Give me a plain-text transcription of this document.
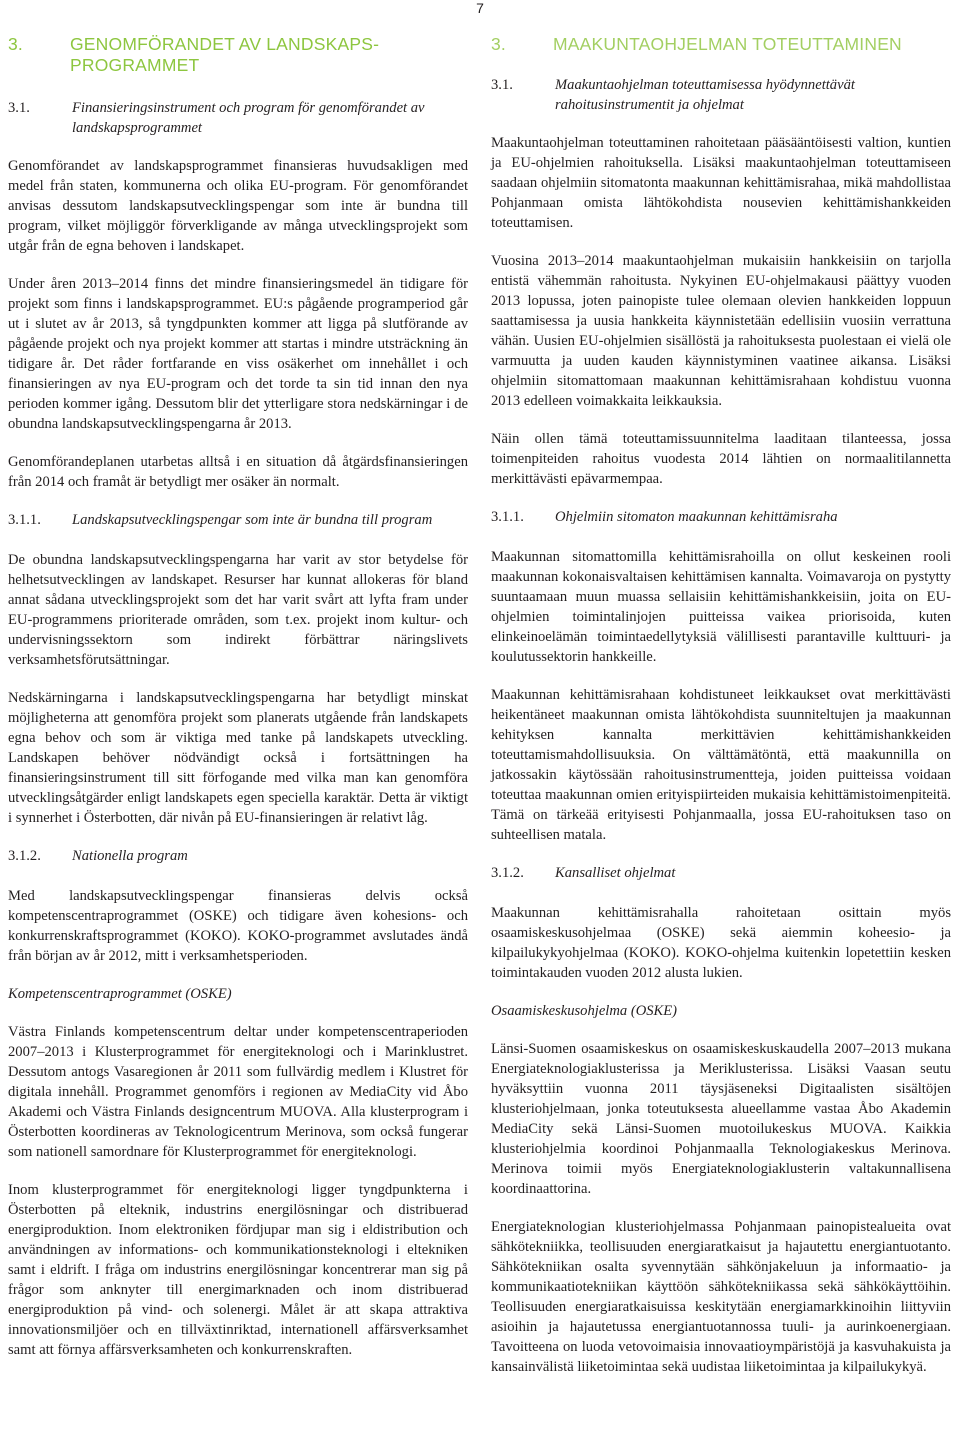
7
3.	GENOMFÖRANDET AV LANDSKAPS-PROGRAMMET
3.1.	Finansieringsinstrument och program för genomförandet av landskapsprogrammet

Genomförandet av landskapsprogrammet finansieras huvudsakligen med medel från staten, kommunerna och olika EU-program. För genomförandet anvisas dessutom landskapsutvecklingspengar som inte är bundna till program, vilket möjliggör förverkligande av många utvecklingsprojekt som utgår från de egna behoven i landskapet.

Under åren 2013–2014 finns det mindre finansieringsmedel än tidigare för projekt som finns i landskapsprogrammet. EU:s pågående programperiod går ut i slutet av år 2013, så tyngdpunkten kommer att ligga på slutförande av pågående projekt och nya projekt kommer att startas i mindre utsträckning än tidigare år. Det råder fortfarande en viss osäkerhet om innehållet i och finansieringen av nya EU-program och det torde ta sin tid innan den nya perioden kommer igång. Dessutom blir det ytterligare stora nedskärningar i de obundna landskapsutvecklingspengarna år 2013.

Genomförandeplanen utarbetas alltså i en situation då åtgärdsfinansieringen från 2014 och framåt är betydligt mer osäker än normalt.

3.1.1.	Landskapsutvecklingspengar som inte är bundna till program

De obundna landskapsutvecklingspengarna har varit av stor betydelse för helhetsutvecklingen av landskapet. Resurser har kunnat allokeras för bland annat sådana utvecklingsprojekt som det har varit svårt att lyfta fram under EU-programmens prioriterade områden, som t.ex. projekt inom kultur- och undervisningssektorn som indirekt förbättrar näringslivets verksamhetsförutsättningar.

Nedskärningarna i landskapsutvecklingspengarna har betydligt minskat möjligheterna att genomföra projekt som planerats utgående från landskapets egna behov och som är viktiga med tanke på landskapets utveckling. Landskapen behöver nödvändigt också i fortsättningen ha finansieringsinstrument till sitt förfogande med vilka man kan genomföra utvecklingsåtgärder enligt landskapets egen speciella karaktär. Detta är viktigt i synnerhet i Österbotten, där nivån på EU-finansieringen är relativt låg.

3.1.2.	Nationella program

Med landskapsutvecklingspengar finansieras delvis också kompetenscentraprogrammet (OSKE) och tidigare även kohesions- och konkurrenskraftsprogrammet (KOKO). KOKO-programmet avslutades ändå från början av år 2012, mitt i verksamhetsperioden.

Kompetenscentraprogrammet (OSKE)

Västra Finlands kompetenscentrum deltar under kompetenscentraperioden 2007–2013 i Klusterprogrammet för energiteknologi och i Marinklustret. Dessutom antogs Vasaregionen år 2011 som fullvärdig medlem i Klustret för digitala innehåll. Programmet genomförs i regionen av MediaCity vid Åbo Akademi och Västra Finlands designcentrum MUOVA. Alla klusterprogram i Österbotten koordineras av Teknologicentrum Merinova, som också fungerar som nationell samordnare för Klusterprogrammet för energiteknologi.

Inom klusterprogrammet för energiteknologi ligger tyngdpunkterna i Österbotten på elteknik, industrins energilösningar och distribuerad energiproduktion. Inom elektroniken fördjupar man sig i eldistribution och användningen av informations- och kommunikationsteknologi i eltekniken samt i eldrift. I fråga om industrins energilösningar koncentrerar man sig på frågor som anknyter till energimarknaden och inom distribuerad energiproduktion på vind- och solenergi. Målet är att skapa attraktiva innovationsmiljöer och en tillväxtinriktad, internationell affärsverksamhet samt att förnya affärsverksamheten och konkurrenskraften.

3.	MAAKUNTAOHJELMAN TOTEUTTAMINEN
3.1.	Maakuntaohjelman toteuttamisessa hyödynnettävät rahoitusinstrumentit ja ohjelmat

Maakuntaohjelman toteuttaminen rahoitetaan pääsääntöisesti valtion, kuntien ja EU-ohjelmien rahoituksella. Lisäksi maakuntaohjelman toteuttamiseen saadaan ohjelmiin sitomatonta maakunnan kehittämisrahaa, mikä mahdollistaa Pohjanmaan omista lähtökohdista nousevien kehittämishankkeiden toteuttamisen.

Vuosina 2013–2014 maakuntaohjelman mukaisiin hankkeisiin on tarjolla entistä vähemmän rahoitusta. Nykyinen EU-ohjelmakausi päättyy vuoden 2013 lopussa, joten painopiste tulee olemaan olevien hankkeiden loppuun saattamisessa ja uusia hankkeita käynnistetään edellisiin vuosiin verrattuna vähän. Uusien EU-ohjelmien sisällöstä ja rahoituksesta puolestaan ei vielä ole varmuutta ja uuden kauden käynnistyminen vaatinee aikansa. Lisäksi ohjelmiin sitomattomaan maakunnan kehittämisrahaan kohdistuu vuonna 2013 edelleen voimakkaita leikkauksia.

Näin ollen tämä toteuttamissuunnitelma laaditaan tilanteessa, jossa toimenpiteiden rahoitus vuodesta 2014 lähtien on normaalitilannetta merkittävästi epävarmempaa.

3.1.1.	Ohjelmiin sitomaton maakunnan kehittämisraha

Maakunnan sitomattomilla kehittämisrahoilla on ollut keskeinen rooli maakunnan kokonaisvaltaisen kehittämisen kannalta. Voimavaroja on pystytty suuntaamaan muun muassa sellaisiin kehittämishankkeisiin, joita on EU-ohjelmien toimintalinjojen puitteissa vaikea priorisoida, kuten elinkeinoelämän toimintaedellytyksiä välillisesti parantaville kulttuuri- ja koulutussektorin hankkeille.

Maakunnan kehittämisrahaan kohdistuneet leikkaukset ovat merkittävästi heikentäneet maakunnan omista lähtökohdista suunniteltujen ja maakunnan kehityksen kannalta merkittävien kehittämishankkeiden toteuttamismahdollisuuksia. On välttämätöntä, että maakunnilla on jatkossakin käytössään rahoitusinstrumentteja, joiden puitteissa voidaan toteuttaa maakunnan omien erityispiirteiden mukaisia kehittämistoimenpiteitä. Tämä on tärkeää erityisesti Pohjanmaalla, jossa EU-rahoituksen taso on suhteellisen matala.

3.1.2.	Kansalliset ohjelmat

Maakunnan kehittämisrahalla rahoitetaan osittain myös osaamiskeskusohjelmaa (OSKE) sekä aiemmin koheesio- ja kilpailukykyohjelmaa (KOKO). KOKO-ohjelma kuitenkin lopetettiin kesken toimintakauden vuoden 2012 alusta lukien.

Osaamiskeskusohjelma (OSKE)

Länsi-Suomen osaamiskeskus on osaamiskeskuskaudella 2007–2013 mukana Energiateknologiaklusterissa ja Meriklusterissa. Lisäksi Vaasan seutu hyväksyttiin vuonna 2011 täysjäseneksi Digitaalisten sisältöjen klusteriohjelmaan, jonka toteutuksesta alueellamme vastaa Åbo Akademin MediaCity sekä Länsi-Suomen muotoilukeskus MUOVA. Kaikkia klusteriohjelmia koordinoi Pohjanmaalla Teknologiakeskus Merinova. Merinova toimii myös Energiateknologiaklusterin valtakunnallisena koordinaattorina.

Energiateknologian klusteriohjelmassa Pohjanmaan painopistealueita ovat sähkötekniikka, teollisuuden energiaratkaisut ja hajautettu energiantuotanto. Sähkötekniikan osalta syvennytään sähkönjakeluun ja informaatio- ja kommunikaatiotekniikan käyttöön sähkötekniikassa sekä sähkökäyttöihin. Teollisuuden energiaratkaisuissa keskitytään energiamarkkinoihin liittyviin asioihin ja hajautetussa energiantuotannossa tuuli- ja aurinkoenergiaan. Tavoitteena on luoda vetovoimaisia innovaatioympäristöjä ja kasvuhakuista ja kansainvälistä liiketoimintaa sekä uudistaa liiketoimintaa ja kilpailukykyä.
